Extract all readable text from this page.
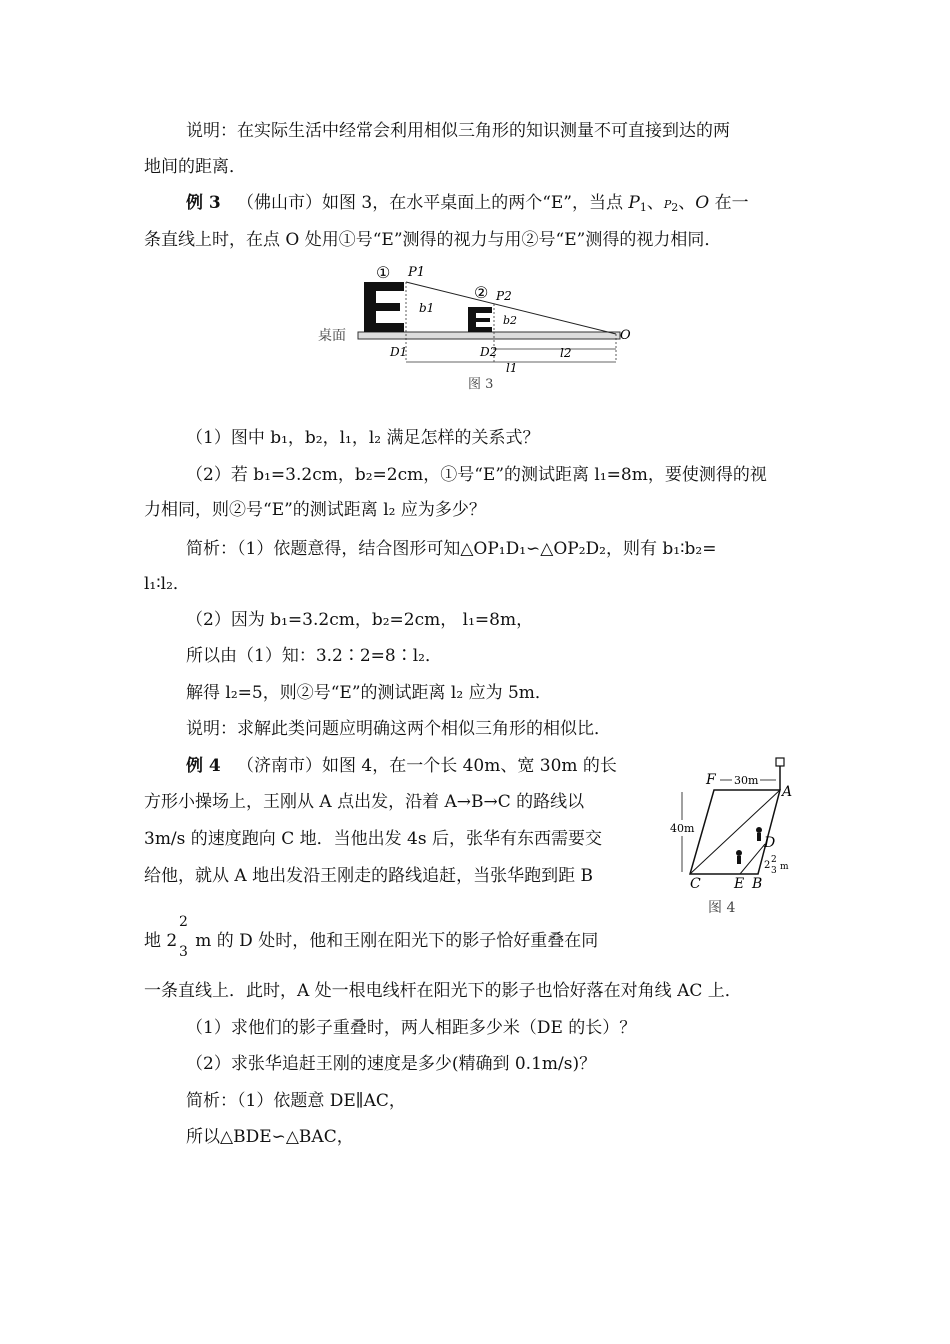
说明：在实际生活中经常会利用相似三角形的知识测量不可直接到达的两
地间的距离．
例 3 （佛山市）如图 3，在水平桌面上的两个“E”，当点 $P_1$、$P_2$、O 在一
条直线上时，在点 O 处用①号“E”测得的视力与用②号“E”测得的视力相同．
① P1
b1
② P2
b2
桌面	O
D1	D2	l2
l1
图 3
（1）图中 b₁，b₂，l₁，l₂ 满足怎样的关系式？
（2）若 b₁=3.2cm，b₂=2cm，①号“E”的测试距离 l₁=8m，要使测得的视
力相同，则②号“E”的测试距离 l₂ 应为多少？
简析：（1）依题意得，结合图形可知△OP₁D₁∽△OP₂D₂，则有 b₁∶b₂=
l₁∶l₂．
（2）因为 b₁=3.2cm，b₂=2cm， l₁=8m，
所以由（1）知：3.2∶2=8∶l₂．
解得 l₂=5，则②号“E”的测试距离 l₂ 应为 5m．
说明：求解此类问题应明确这两个相似三角形的相似比．
例 4 （济南市）如图 4，在一个长 40m、宽 30m 的长
方形小操场上，王刚从 A 点出发，沿着 A→B→C 的路线以
3m/s 的速度跑向 C 地．当他出发 4s 后，张华有东西需要交
给他，就从 A 地出发沿王刚走的路线追赶，当张华跑到距 B
地 2 m 的 D 处时，他和王刚在阳光下的影子恰好重叠在同
2
3
一条直线上．此时，A 处一根电线杆在阳光下的影子也恰好落在对角线 AC 上．
（1）求他们的影子重叠时，两人相距多少米（DE 的长）？
（2）求张华追赶王刚的速度是多少(精确到 0.1m/s)？
简析：（1）依题意 DE∥AC，
所以△BDE∽△BAC，
F 30m
A
40m
D
C E B
2 2
3 m
图 4
